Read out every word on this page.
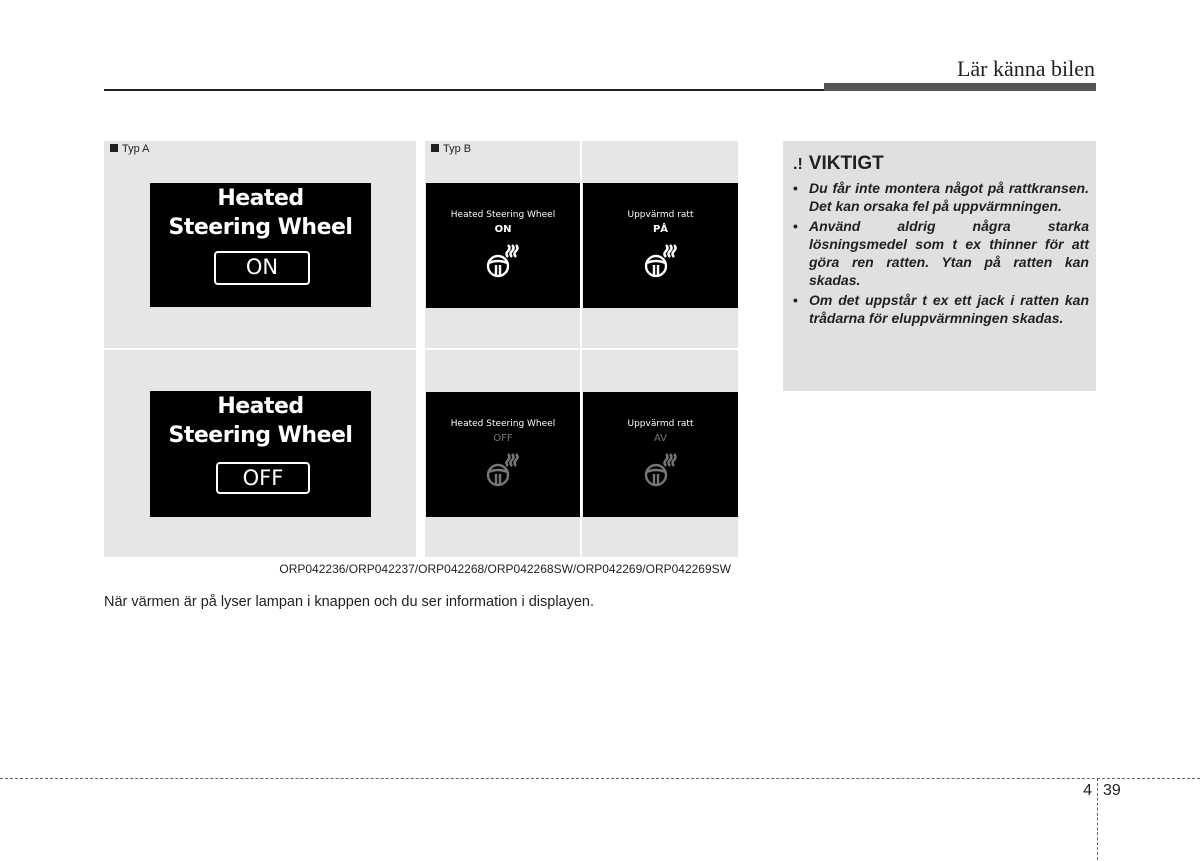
Lär känna bilen
Typ A	Typ B
Heated
Steering Wheel
ON
Heated
Steering Wheel
OFF
Heated Steering Wheel
ON
Uppvärmd ratt
PÅ
Heated Steering Wheel
OFF
Uppvärmd ratt
AV
ORP042236/ORP042237/ORP042268/ORP042268SW/ORP042269/ORP042269SW
När värmen är på lyser lampan i knappen och du ser information i displayen.
.! VIKTIGT
• Du får inte montera något på rattkransen. Det kan orsaka fel på uppvärmningen.
• Använd aldrig några starka lösningsmedel som t ex thinner för att göra ren ratten. Ytan på ratten kan skadas.
• Om det uppstår t ex ett jack i ratten kan trådarna för eluppvärmningen skadas.
4 39
